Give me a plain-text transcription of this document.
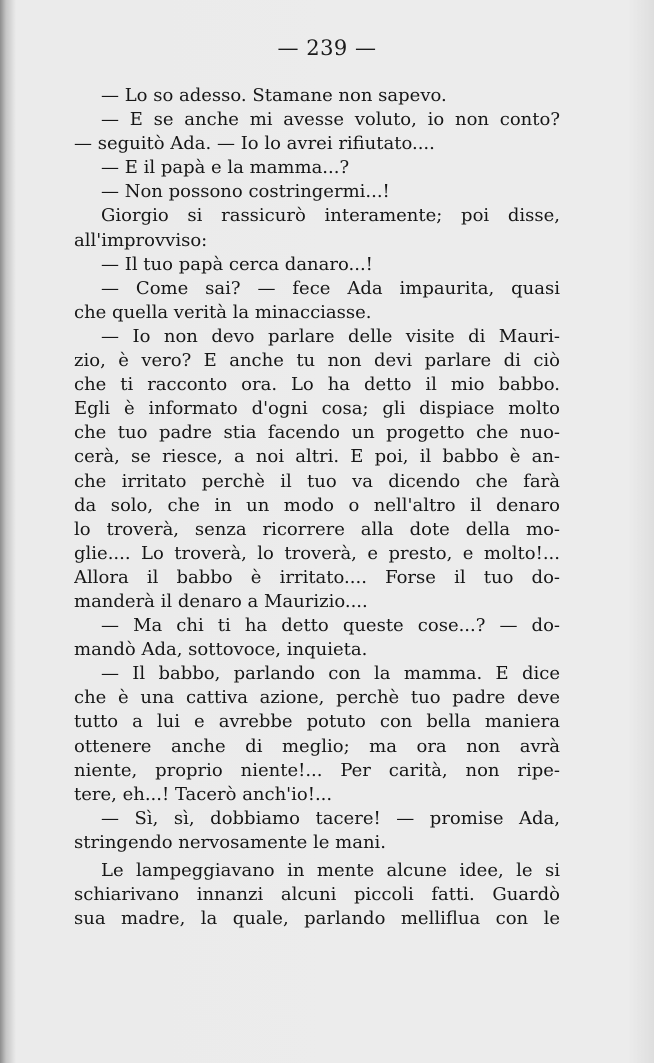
— 239 —
— Lo so adesso. Stamane non sapevo.
— E se anche mi avesse voluto, io non conto?
— seguitò Ada. — Io lo avrei rifiutato....
— E il papà e la mamma...?
— Non possono costringermi...!
Giorgio si rassicurò interamente; poi disse,
all'improvviso:
— Il tuo papà cerca danaro...!
— Come sai? — fece Ada impaurita, quasi
che quella verità la minacciasse.
— Io non devo parlare delle visite di Mauri-
zio, è vero? E anche tu non devi parlare di ciò
che ti racconto ora. Lo ha detto il mio babbo.
Egli è informato d'ogni cosa; gli dispiace molto
che tuo padre stia facendo un progetto che nuo-
cerà, se riesce, a noi altri. E poi, il babbo è an-
che irritato perchè il tuo va dicendo che farà
da solo, che in un modo o nell'altro il denaro
lo troverà, senza ricorrere alla dote della mo-
glie.... Lo troverà, lo troverà, e presto, e molto!...
Allora il babbo è irritato.... Forse il tuo do-
manderà il denaro a Maurizio....
— Ma chi ti ha detto queste cose...? — do-
mandò Ada, sottovoce, inquieta.
— Il babbo, parlando con la mamma. E dice
che è una cattiva azione, perchè tuo padre deve
tutto a lui e avrebbe potuto con bella maniera
ottenere anche di meglio; ma ora non avrà
niente, proprio niente!... Per carità, non ripe-
tere, eh...! Tacerò anch'io!...
— Sì, sì, dobbiamo tacere! — promise Ada,
stringendo nervosamente le mani.
Le lampeggiavano in mente alcune idee, le si
schiarivano innanzi alcuni piccoli fatti. Guardò
sua madre, la quale, parlando melliflua con le
